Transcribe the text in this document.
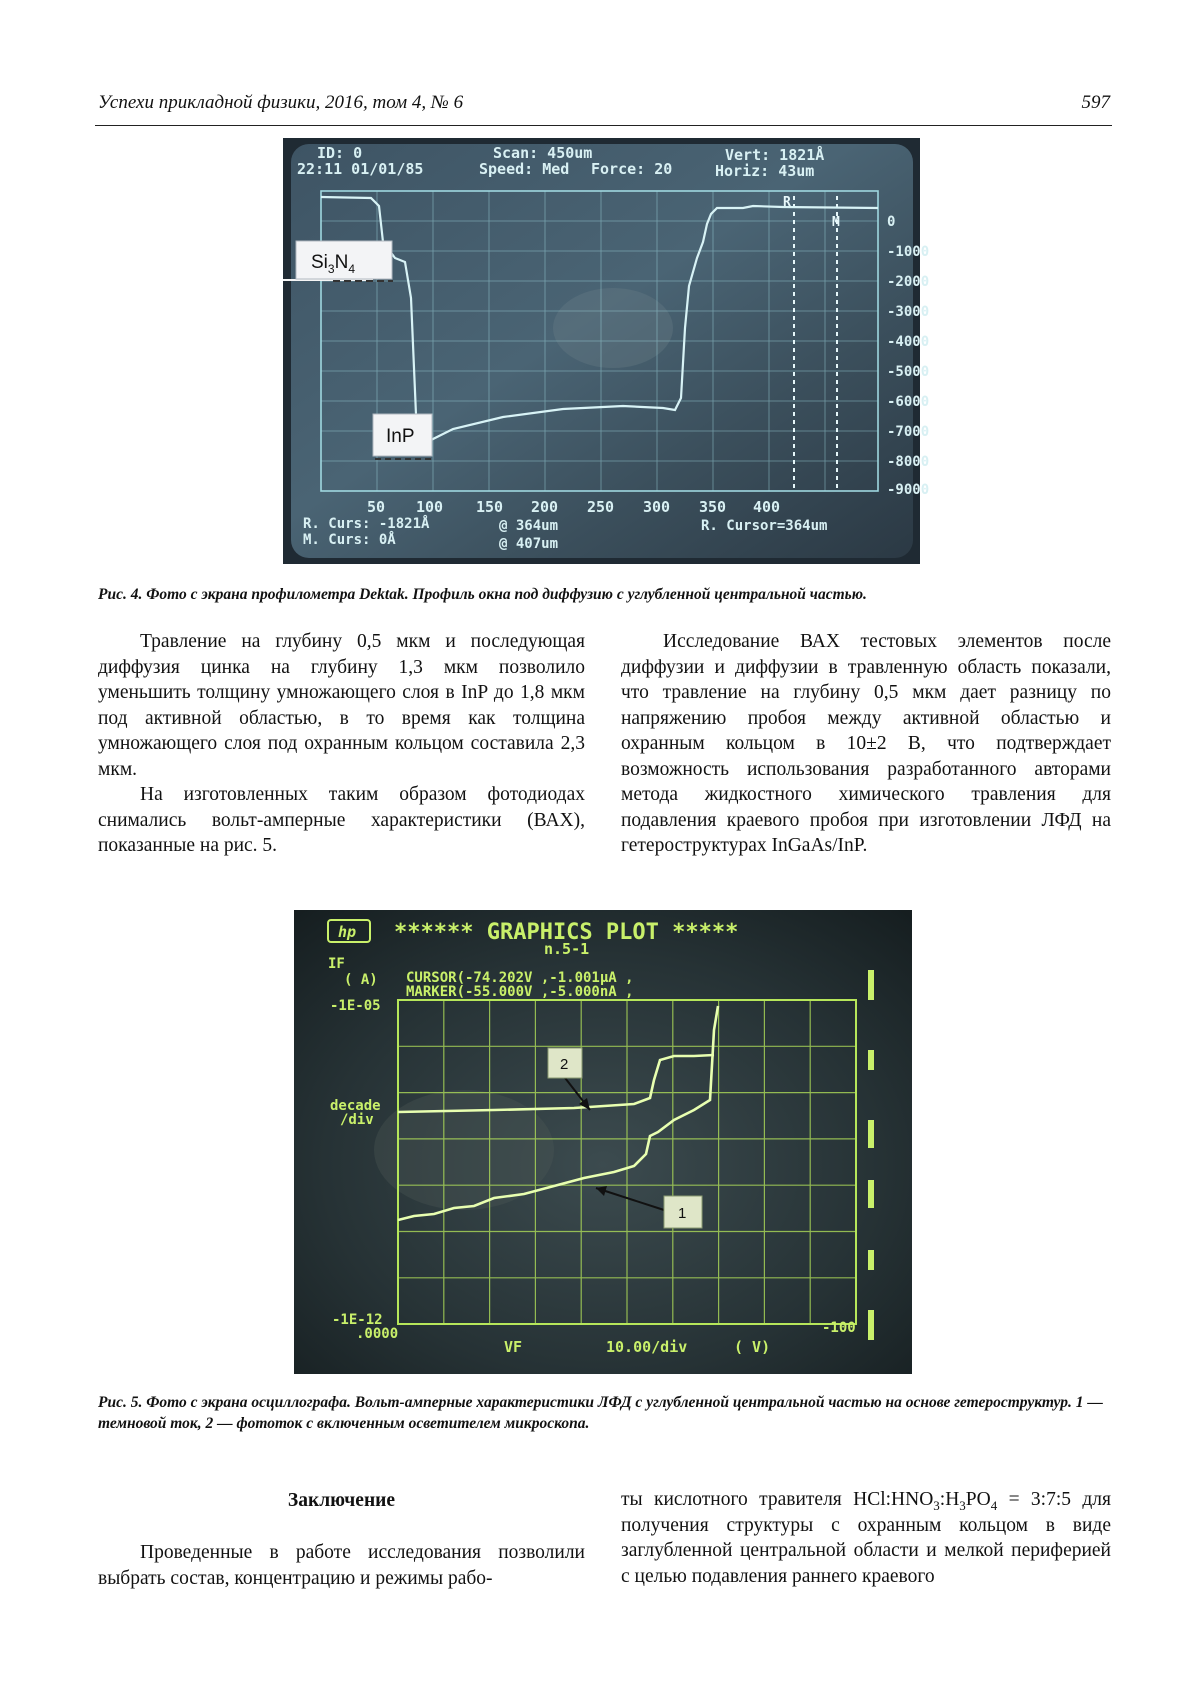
Успехи прикладной физики, 2016, том 4, № 6	597
ID: 0
22:11 01/01/85
Scan: 450um
Speed: Med Force: 20
Vert: 1821Å
Horiz: 43um
R
M	0
-1000
-2000
-3000
-4000
-5000
-6000
-7000
-8000
-9000
50 100 150 200 250 300 350 400
R. Curs: -1821Å
M. Curs: 0Å
@ 364um
@ 407um
R. Cursor=364um
$Si_3N_4$
InP
Рис. 4. Фото с экрана профилометра Dektak. Профиль окна под диффузию с углубленной центральной частью.

Травление на глубину 0,5 мкм и последующая диффузия цинка на глубину 1,3 мкм позволило уменьшить толщину умножающего слоя в InP до 1,8 мкм под активной областью, в то время как толщина умножающего слоя под охранным кольцом составила 2,3 мкм.

На изготовленных таким образом фотодиодах снимались вольт-амперные характеристики (ВАХ), показанные на рис. 5.

Исследование ВАХ тестовых элементов после диффузии и диффузии в травленную область показали, что травление на глубину 0,5 мкм дает разницу по напряжению пробоя между активной областью и охранным кольцом в 10±2 В, что подтверждает возможность использования разработанного авторами метода жидкостного химического травления для подавления краевого пробоя при изготовлении ЛФД на гетероструктурах InGaAs/InP.

hp ****** GRAPHICS PLOT *****
n.5-1
IF
( A) CURSOR(-74.202V ,-1.001μA ,
MARKER(-55.000V ,-5.000nA ,
-1E-05
decade
/div
-1E-12
.0000
VF	10.00/div	( V)
-100
2
1
Рис. 5. Фото с экрана осциллографа. Вольт-амперные характеристики ЛФД с углубленной центральной частью на основе гетероструктур. 1 — темновой ток, 2 — фототок с включенным осветителем микроскопа.
Заключение

Проведенные в работе исследования позволили выбрать состав, концентрацию и режимы рабо-

ты кислотного травителя $HCl:HNO_3:H_3PO_4$ = 3:7:5 для получения структуры с охранным кольцом в виде заглубленной центральной области и мелкой периферией с целью подавления раннего краевого
